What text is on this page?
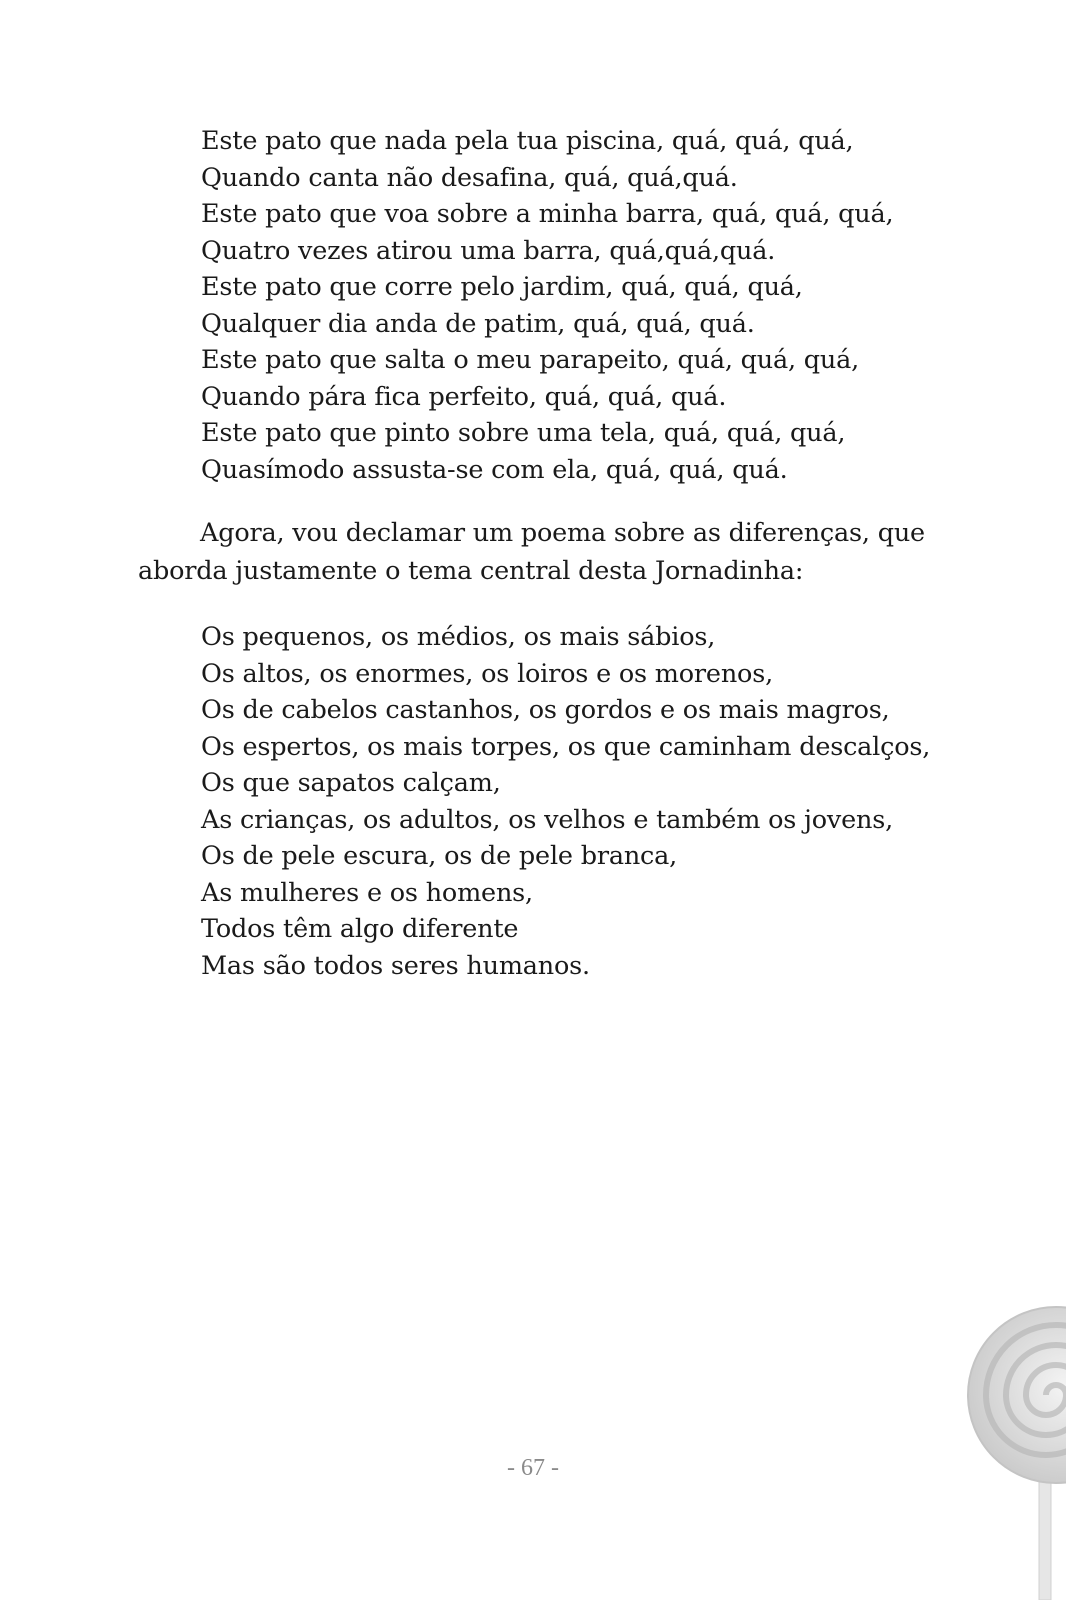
Este pato que nada pela tua piscina, quá, quá, quá,
Quando canta não desafina, quá, quá,quá.
Este pato que voa sobre a minha barra, quá, quá, quá,
Quatro vezes atirou uma barra, quá,quá,quá.
Este pato que corre pelo jardim, quá, quá, quá,
Qualquer dia anda de patim, quá, quá, quá.
Este pato que salta o meu parapeito, quá, quá, quá,
Quando pára fica perfeito, quá, quá, quá.
Este pato que pinto sobre uma tela, quá, quá, quá,
Quasímodo assusta-se com ela, quá, quá, quá.

Agora, vou declamar um poema sobre as diferenças, que
aborda justamente o tema central desta Jornadinha:

Os pequenos, os médios, os mais sábios,
Os altos, os enormes, os loiros e os morenos,
Os de cabelos castanhos, os gordos e os mais magros,
Os espertos, os mais torpes, os que caminham descalços,
Os que sapatos calçam,
As crianças, os adultos, os velhos e também os jovens,
Os de pele escura, os de pele branca,
As mulheres e os homens,
Todos têm algo diferente
Mas são todos seres humanos.
- 67 -
